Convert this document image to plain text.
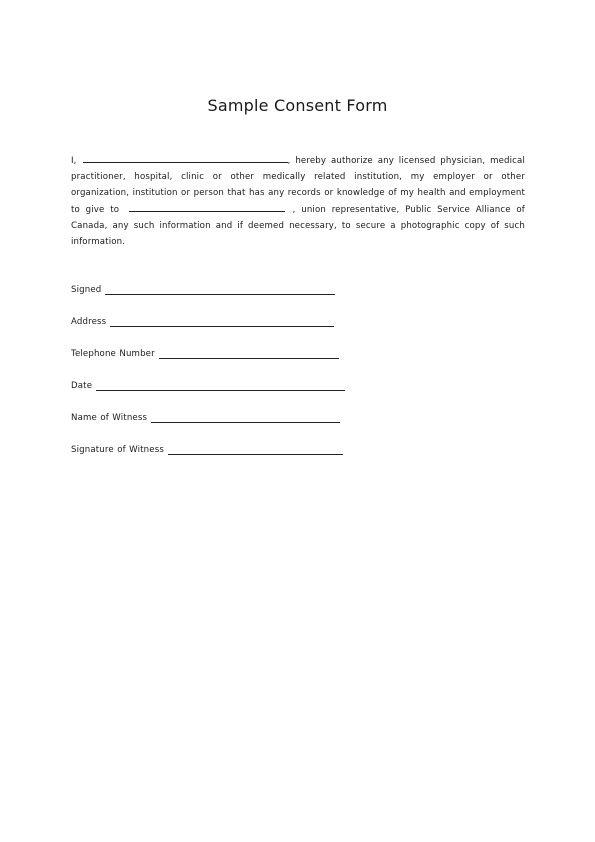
Sample Consent Form

I,	, hereby authorize any licensed physician, medical practitioner, hospital, clinic or other medically related institution, my employer or other organization, institution or person that has any records or knowledge of my health and employment to give to	, union representative, Public Service Alliance of Canada, any such information and if deemed necessary, to secure a photographic copy of such information.

Signed
Address
Telephone Number
Date
Name of Witness
Signature of Witness
